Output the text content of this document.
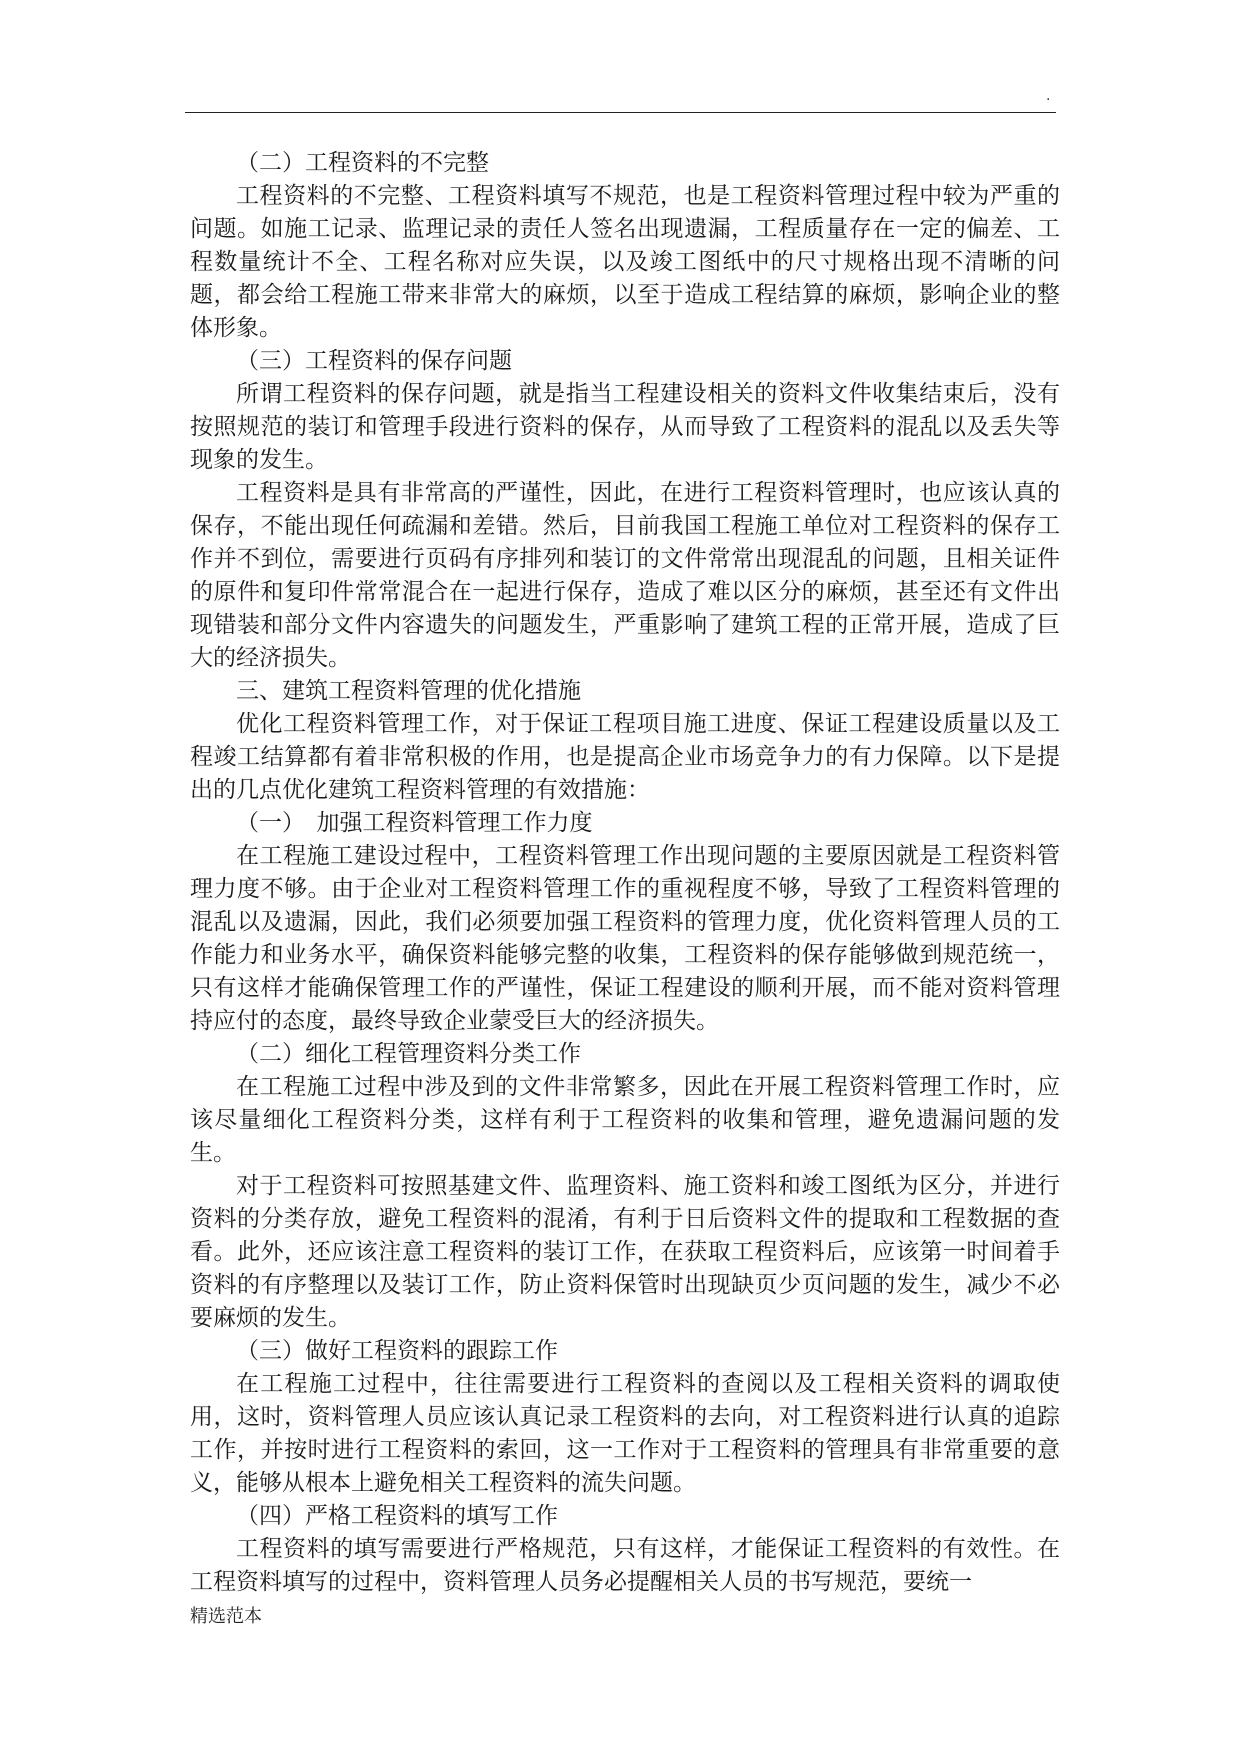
.

（二）工程资料的不完整

工程资料的不完整、工程资料填写不规范，也是工程资料管理过程中较为严重的问题。如施工记录、监理记录的责任人签名出现遗漏，工程质量存在一定的偏差、工程数量统计不全、工程名称对应失误，以及竣工图纸中的尺寸规格出现不清晰的问题，都会给工程施工带来非常大的麻烦，以至于造成工程结算的麻烦，影响企业的整体形象。

（三）工程资料的保存问题

所谓工程资料的保存问题，就是指当工程建设相关的资料文件收集结束后，没有按照规范的装订和管理手段进行资料的保存，从而导致了工程资料的混乱以及丢失等现象的发生。

工程资料是具有非常高的严谨性，因此，在进行工程资料管理时，也应该认真的保存，不能出现任何疏漏和差错。然后，目前我国工程施工单位对工程资料的保存工作并不到位，需要进行页码有序排列和装订的文件常常出现混乱的问题，且相关证件的原件和复印件常常混合在一起进行保存，造成了难以区分的麻烦，甚至还有文件出现错装和部分文件内容遗失的问题发生，严重影响了建筑工程的正常开展，造成了巨大的经济损失。

三、建筑工程资料管理的优化措施

优化工程资料管理工作，对于保证工程项目施工进度、保证工程建设质量以及工程竣工结算都有着非常积极的作用，也是提高企业市场竞争力的有力保障。以下是提出的几点优化建筑工程资料管理的有效措施：

（一）　加强工程资料管理工作力度

在工程施工建设过程中，工程资料管理工作出现问题的主要原因就是工程资料管理力度不够。由于企业对工程资料管理工作的重视程度不够，导致了工程资料管理的混乱以及遗漏，因此，我们必须要加强工程资料的管理力度，优化资料管理人员的工作能力和业务水平，确保资料能够完整的收集，工程资料的保存能够做到规范统一，只有这样才能确保管理工作的严谨性，保证工程建设的顺利开展，而不能对资料管理持应付的态度，最终导致企业蒙受巨大的经济损失。

（二）细化工程管理资料分类工作

在工程施工过程中涉及到的文件非常繁多，因此在开展工程资料管理工作时，应该尽量细化工程资料分类，这样有利于工程资料的收集和管理，避免遗漏问题的发生。

对于工程资料可按照基建文件、监理资料、施工资料和竣工图纸为区分，并进行资料的分类存放，避免工程资料的混淆，有利于日后资料文件的提取和工程数据的查看。此外，还应该注意工程资料的装订工作，在获取工程资料后，应该第一时间着手资料的有序整理以及装订工作，防止资料保管时出现缺页少页问题的发生，减少不必要麻烦的发生。

（三）做好工程资料的跟踪工作

在工程施工过程中，往往需要进行工程资料的查阅以及工程相关资料的调取使用，这时，资料管理人员应该认真记录工程资料的去向，对工程资料进行认真的追踪工作，并按时进行工程资料的索回，这一工作对于工程资料的管理具有非常重要的意义，能够从根本上避免相关工程资料的流失问题。

（四）严格工程资料的填写工作

工程资料的填写需要进行严格规范，只有这样，才能保证工程资料的有效性。在工程资料填写的过程中，资料管理人员务必提醒相关人员的书写规范，要统一

精选范本
